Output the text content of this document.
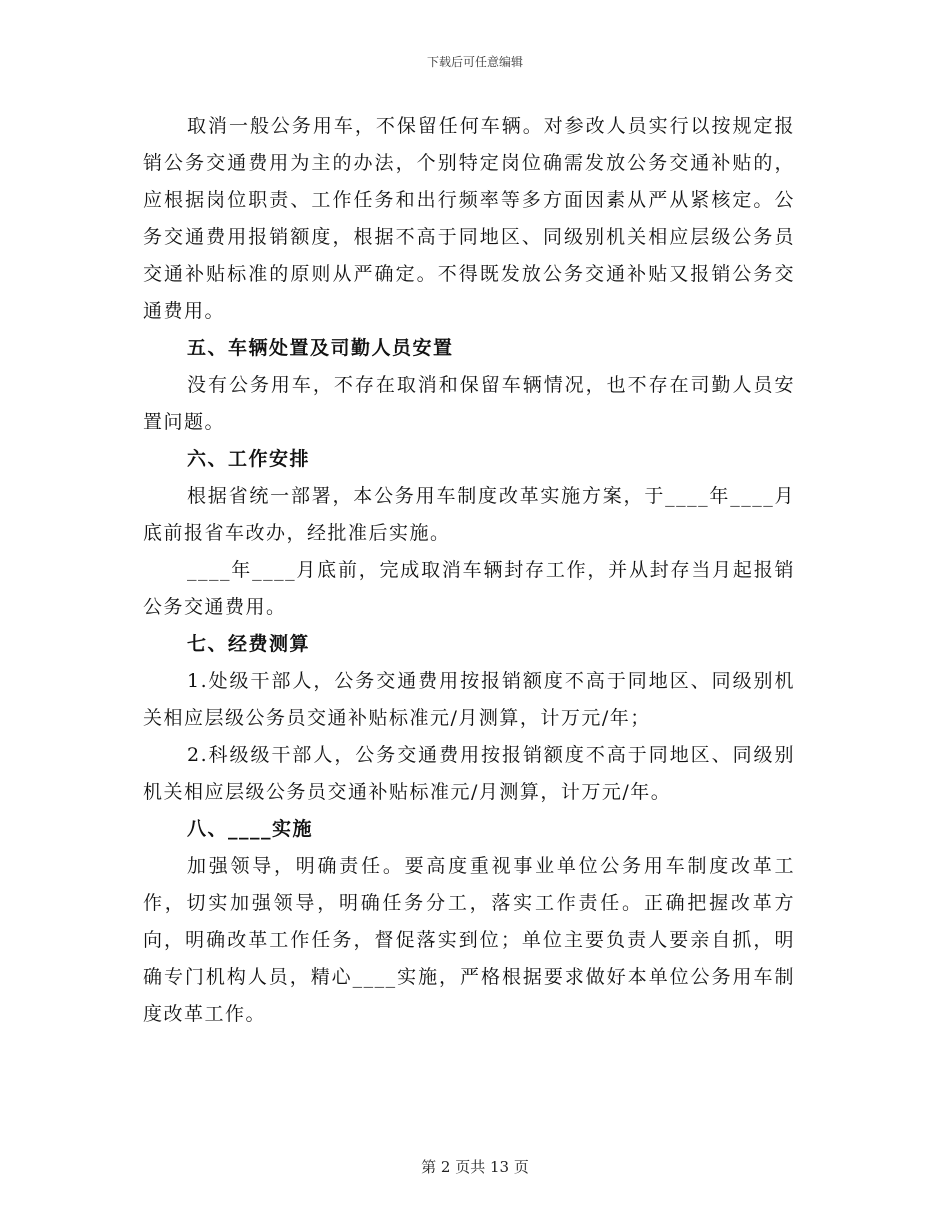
下载后可任意编辑

取消一般公务用车，不保留任何车辆。对参改人员实行以按规定报销公务交通费用为主的办法，个别特定岗位确需发放公务交通补贴的，应根据岗位职责、工作任务和出行频率等多方面因素从严从紧核定。公务交通费用报销额度，根据不高于同地区、同级别机关相应层级公务员交通补贴标准的原则从严确定。不得既发放公务交通补贴又报销公务交通费用。

五、车辆处置及司勤人员安置

没有公务用车，不存在取消和保留车辆情况，也不存在司勤人员安置问题。

六、工作安排

根据省统一部署，本公务用车制度改革实施方案，于____年____月底前报省车改办，经批准后实施。

____年____月底前，完成取消车辆封存工作，并从封存当月起报销公务交通费用。

七、经费测算

1.处级干部人，公务交通费用按报销额度不高于同地区、同级别机关相应层级公务员交通补贴标准元/月测算，计万元/年；

2.科级级干部人，公务交通费用按报销额度不高于同地区、同级别机关相应层级公务员交通补贴标准元/月测算，计万元/年。

八、____实施

加强领导，明确责任。要高度重视事业单位公务用车制度改革工作，切实加强领导，明确任务分工，落实工作责任。正确把握改革方向，明确改革工作任务，督促落实到位；单位主要负责人要亲自抓，明确专门机构人员，精心____实施，严格根据要求做好本单位公务用车制度改革工作。

第 2 页共 13 页
